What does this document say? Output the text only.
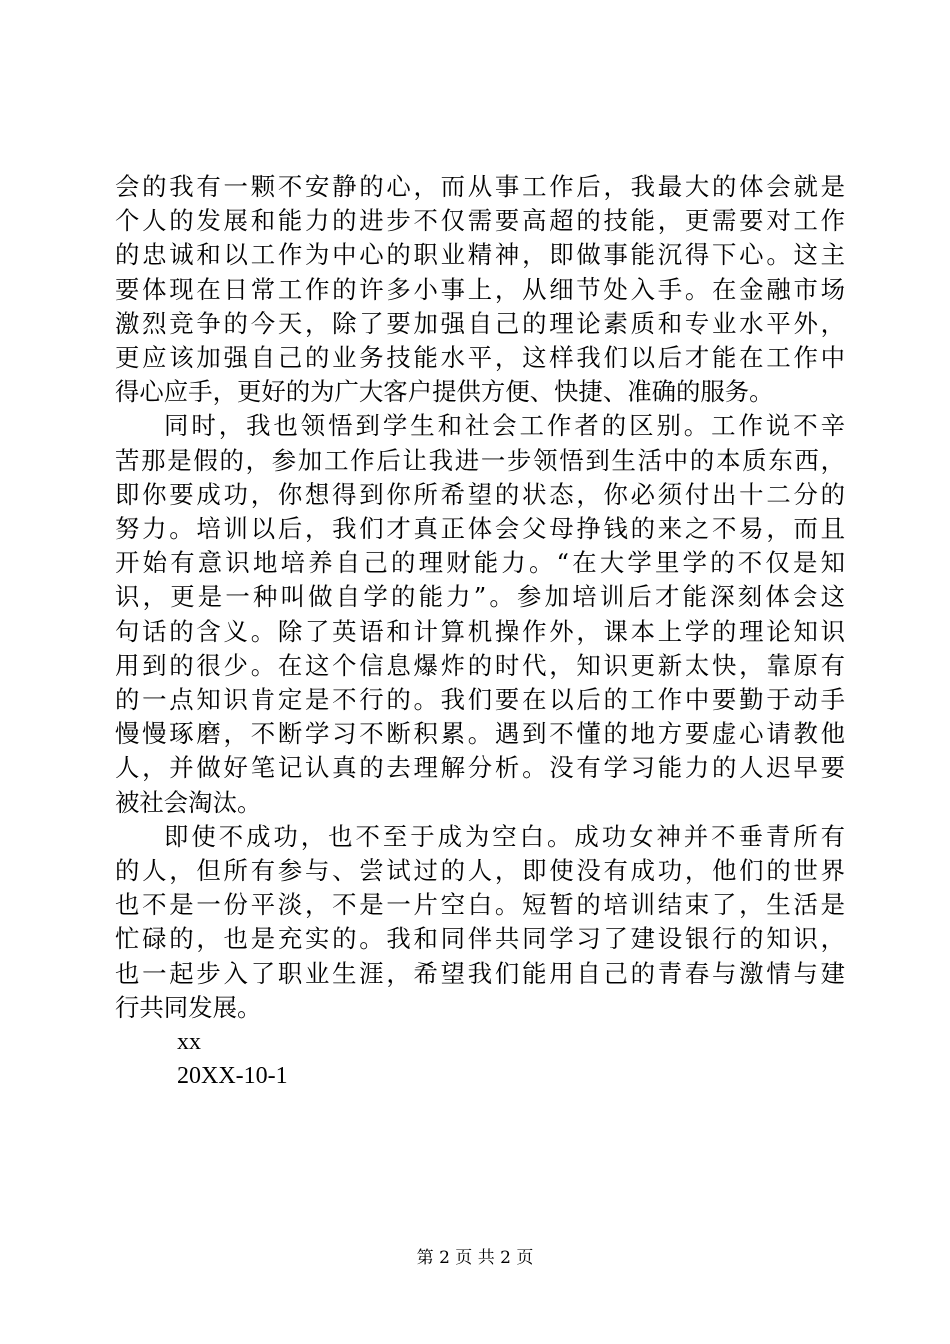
会的我有一颗不安静的心，而从事工作后，我最大的体会就是
个人的发展和能力的进步不仅需要高超的技能，更需要对工作
的忠诚和以工作为中心的职业精神，即做事能沉得下心。这主
要体现在日常工作的许多小事上，从细节处入手。在金融市场
激烈竞争的今天，除了要加强自己的理论素质和专业水平外，
更应该加强自己的业务技能水平，这样我们以后才能在工作中
得心应手，更好的为广大客户提供方便、快捷、准确的服务。
同时，我也领悟到学生和社会工作者的区别。工作说不辛
苦那是假的，参加工作后让我进一步领悟到生活中的本质东西，
即你要成功，你想得到你所希望的状态，你必须付出十二分的
努力。培训以后，我们才真正体会父母挣钱的来之不易，而且
开始有意识地培养自己的理财能力。“在大学里学的不仅是知
识，更是一种叫做自学的能力”。参加培训后才能深刻体会这
句话的含义。除了英语和计算机操作外，课本上学的理论知识
用到的很少。在这个信息爆炸的时代，知识更新太快，靠原有
的一点知识肯定是不行的。我们要在以后的工作中要勤于动手
慢慢琢磨，不断学习不断积累。遇到不懂的地方要虚心请教他
人，并做好笔记认真的去理解分析。没有学习能力的人迟早要
被社会淘汰。
即使不成功，也不至于成为空白。成功女神并不垂青所有
的人，但所有参与、尝试过的人，即使没有成功，他们的世界
也不是一份平淡，不是一片空白。短暂的培训结束了，生活是
忙碌的，也是充实的。我和同伴共同学习了建设银行的知识，
也一起步入了职业生涯，希望我们能用自己的青春与激情与建
行共同发展。
xx
20XX-10-1
第 2 页 共 2 页
